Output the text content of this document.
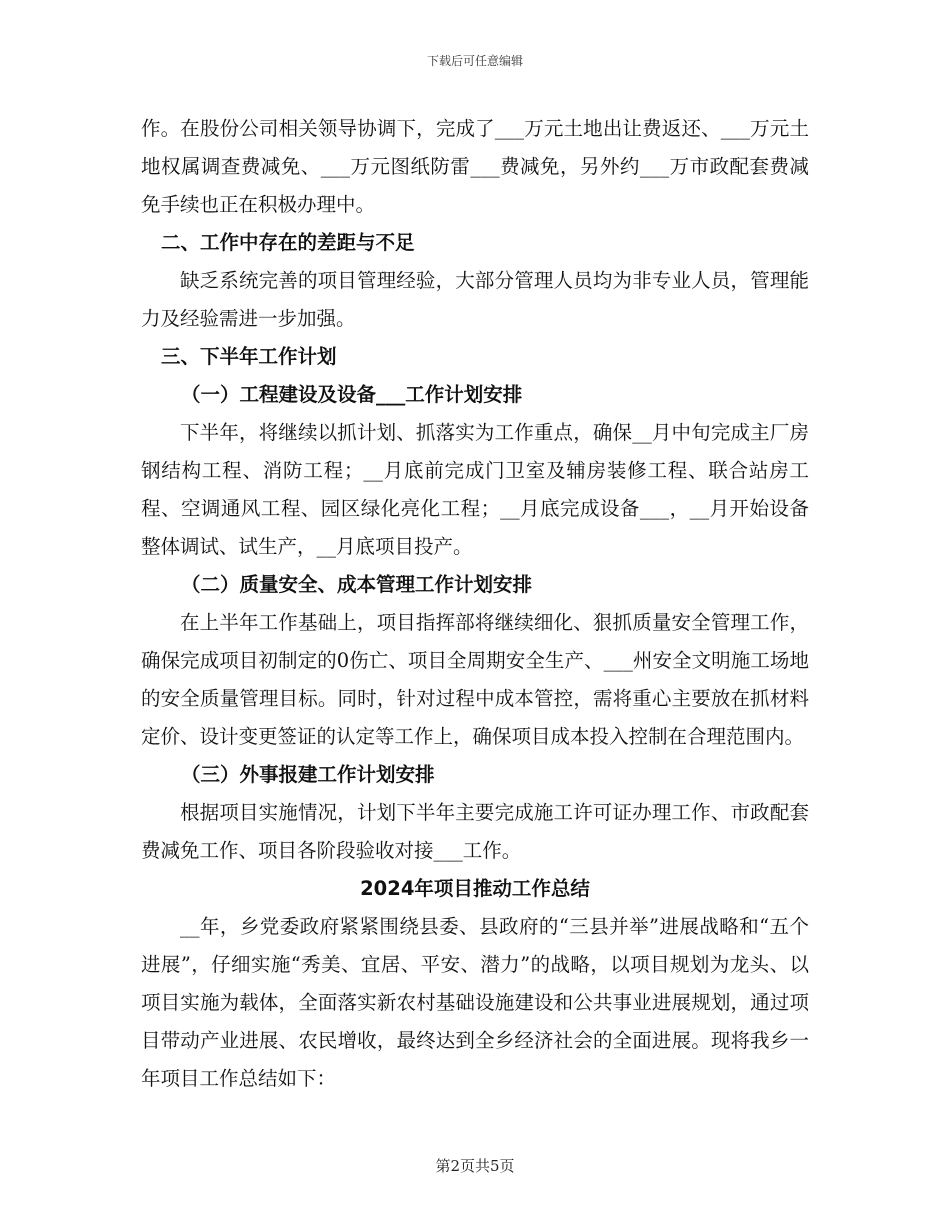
下载后可任意编辑

作。在股份公司相关领导协调下，完成了___万元土地出让费返还、___万元土地权属调查费减免、___万元图纸防雷___费减免，另外约___万市政配套费减免手续也正在积极办理中。

二、工作中存在的差距与不足

缺乏系统完善的项目管理经验，大部分管理人员均为非专业人员，管理能力及经验需进一步加强。

三、下半年工作计划

（一）工程建设及设备___工作计划安排

下半年，将继续以抓计划、抓落实为工作重点，确保__月中旬完成主厂房钢结构工程、消防工程；__月底前完成门卫室及辅房装修工程、联合站房工程、空调通风工程、园区绿化亮化工程；__月底完成设备___，__月开始设备整体调试、试生产，__月底项目投产。

（二）质量安全、成本管理工作计划安排

在上半年工作基础上，项目指挥部将继续细化、狠抓质量安全管理工作，确保完成项目初制定的0伤亡、项目全周期安全生产、___州安全文明施工场地的安全质量管理目标。同时，针对过程中成本管控，需将重心主要放在抓材料定价、设计变更签证的认定等工作上，确保项目成本投入控制在合理范围内。

（三）外事报建工作计划安排

根据项目实施情况，计划下半年主要完成施工许可证办理工作、市政配套费减免工作、项目各阶段验收对接___工作。

2024年项目推动工作总结

__年，乡党委政府紧紧围绕县委、县政府的“三县并举”进展战略和“五个进展”，仔细实施“秀美、宜居、平安、潜力”的战略，以项目规划为龙头、以项目实施为载体，全面落实新农村基础设施建设和公共事业进展规划，通过项目带动产业进展、农民增收，最终达到全乡经济社会的全面进展。现将我乡一年项目工作总结如下：

第2页共5页
